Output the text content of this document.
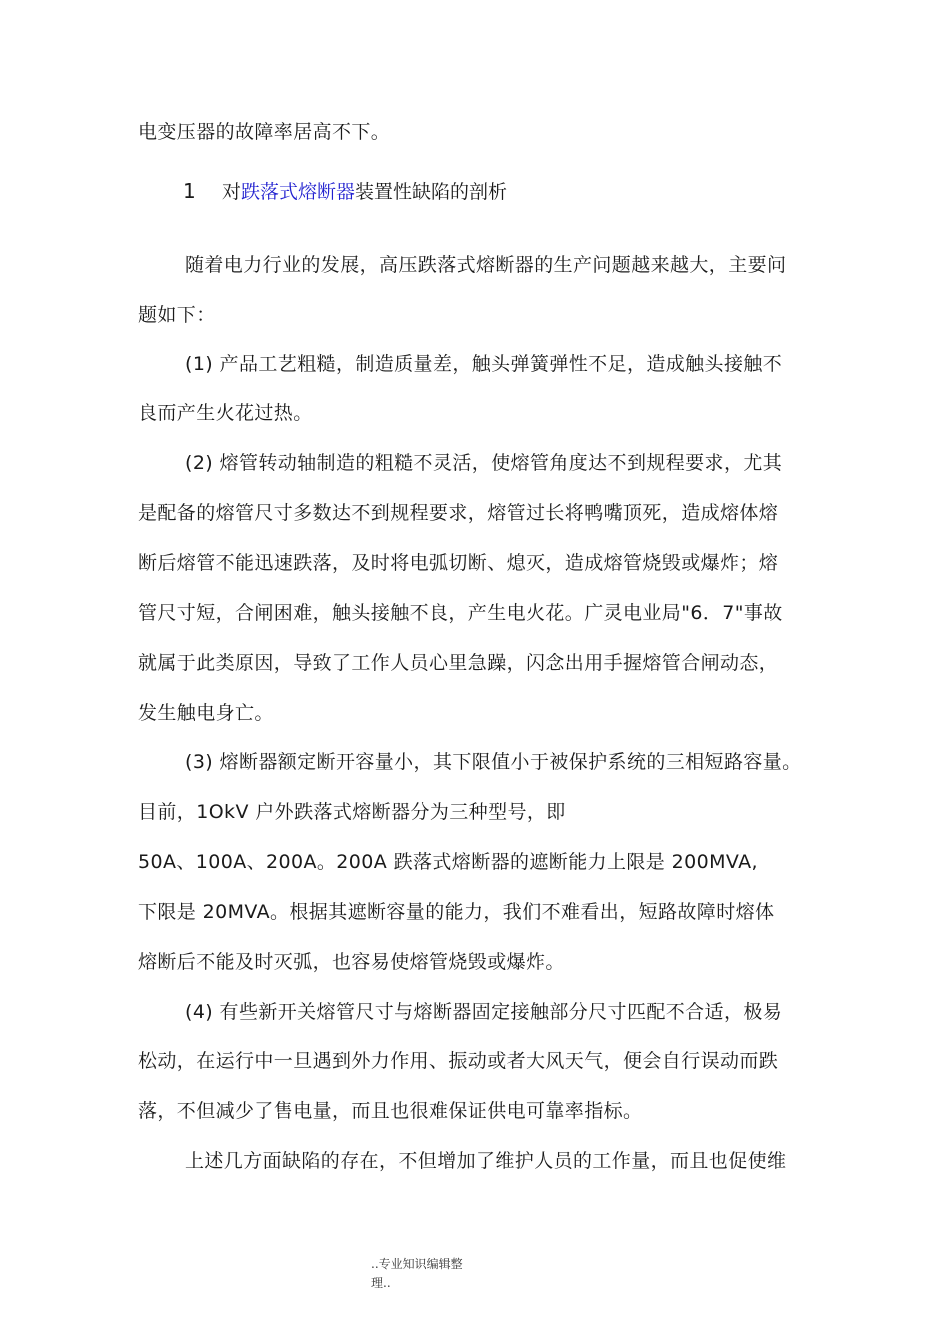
电变压器的故障率居高不下。
1 对跌落式熔断器装置性缺陷的剖析
随着电力行业的发展，高压跌落式熔断器的生产问题越来越大，主要问
题如下：
(1) 产品工艺粗糙，制造质量差，触头弹簧弹性不足，造成触头接触不
良而产生火花过热。
(2) 熔管转动轴制造的粗糙不灵活，使熔管角度达不到规程要求，尤其
是配备的熔管尺寸多数达不到规程要求，熔管过长将鸭嘴顶死，造成熔体熔
断后熔管不能迅速跌落，及时将电弧切断、熄灭，造成熔管烧毁或爆炸；熔
管尺寸短，合闸困难，触头接触不良，产生电火花。广灵电业局"6．7"事故
就属于此类原因，导致了工作人员心里急躁，闪念出用手握熔管合闸动态，
发生触电身亡。
(3) 熔断器额定断开容量小，其下限值小于被保护系统的三相短路容量。
目前，1OkV 户外跌落式熔断器分为三种型号，即
50A、100A、200A。200A 跌落式熔断器的遮断能力上限是 200MVA,
下限是 20MVA。根据其遮断容量的能力，我们不难看出，短路故障时熔体
熔断后不能及时灭弧，也容易使熔管烧毁或爆炸。
(4) 有些新开关熔管尺寸与熔断器固定接触部分尺寸匹配不合适，极易
松动，在运行中一旦遇到外力作用、振动或者大风天气，便会自行误动而跌
落，不但减少了售电量，而且也很难保证供电可靠率指标。
上述几方面缺陷的存在，不但增加了维护人员的工作量，而且也促使维
..专业知识编辑整
理..
